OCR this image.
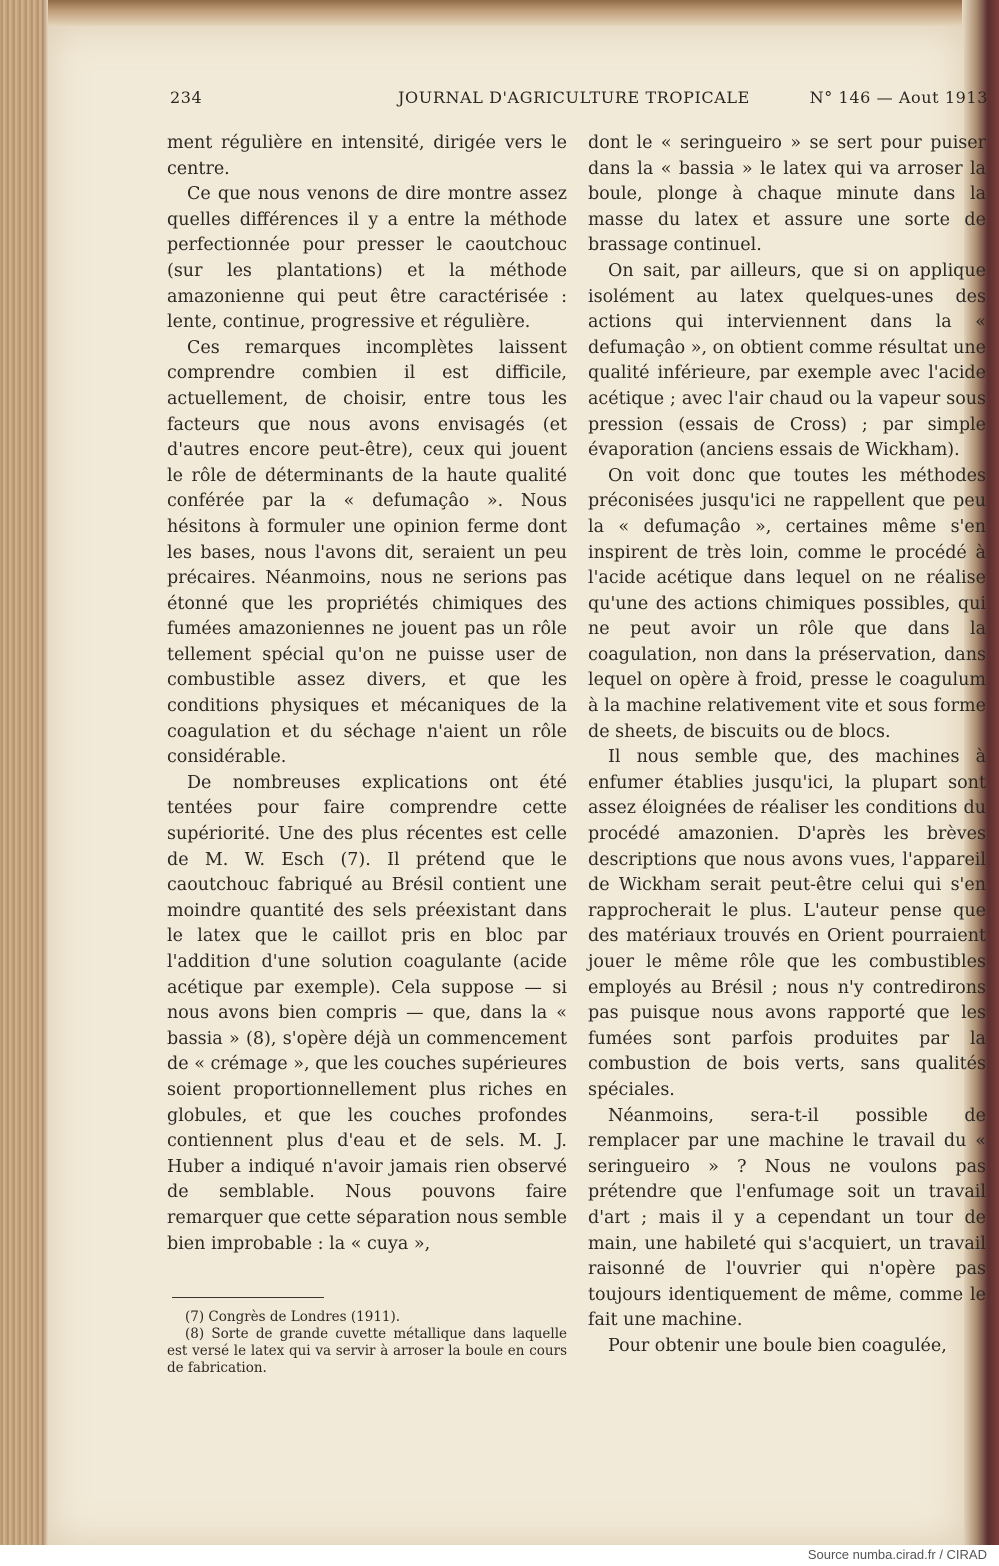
234	JOURNAL D'AGRICULTURE TROPICALE	N° 146 — Aout 1913

ment régulière en intensité, dirigée vers le centre.

Ce que nous venons de dire montre assez quelles différences il y a entre la méthode perfectionnée pour presser le caoutchouc (sur les plantations) et la méthode amazonienne qui peut être caractérisée : lente, continue, progressive et régulière.

Ces remarques incomplètes laissent comprendre combien il est difficile, actuellement, de choisir, entre tous les facteurs que nous avons envisagés (et d'autres encore peut-être), ceux qui jouent le rôle de déterminants de la haute qualité conférée par la « defumaçâo ». Nous hésitons à formuler une opinion ferme dont les bases, nous l'avons dit, seraient un peu précaires. Néanmoins, nous ne serions pas étonné que les propriétés chimiques des fumées amazoniennes ne jouent pas un rôle tellement spécial qu'on ne puisse user de combustible assez divers, et que les conditions physiques et mécaniques de la coagulation et du séchage n'aient un rôle considérable.

De nombreuses explications ont été tentées pour faire comprendre cette supériorité. Une des plus récentes est celle de M. W. Esch (7). Il prétend que le caoutchouc fabriqué au Brésil contient une moindre quantité des sels préexistant dans le latex que le caillot pris en bloc par l'addition d'une solution coagulante (acide acétique par exemple). Cela suppose — si nous avons bien compris — que, dans la « bassia » (8), s'opère déjà un commencement de « crémage », que les couches supérieures soient proportionnellement plus riches en globules, et que les couches profondes contiennent plus d'eau et de sels. M. J. Huber a indiqué n'avoir jamais rien observé de semblable. Nous pouvons faire remarquer que cette séparation nous semble bien improbable : la « cuya »,

dont le « seringueiro » se sert pour puiser dans la « bassia » le latex qui va arroser la boule, plonge à chaque minute dans la masse du latex et assure une sorte de brassage continuel.

On sait, par ailleurs, que si on applique isolément au latex quelques-unes des actions qui interviennent dans la « defumaçâo », on obtient comme résultat une qualité inférieure, par exemple avec l'acide acétique ; avec l'air chaud ou la vapeur sous pression (essais de Cross) ; par simple évaporation (anciens essais de Wickham).

On voit donc que toutes les méthodes préconisées jusqu'ici ne rappellent que peu la « defumaçâo », certaines même s'en inspirent de très loin, comme le procédé à l'acide acétique dans lequel on ne réalise qu'une des actions chimiques possibles, qui ne peut avoir un rôle que dans la coagulation, non dans la préservation, dans lequel on opère à froid, presse le coagulum à la machine relativement vite et sous forme de sheets, de biscuits ou de blocs.

Il nous semble que, des machines à enfumer établies jusqu'ici, la plupart sont assez éloignées de réaliser les conditions du procédé amazonien. D'après les brèves descriptions que nous avons vues, l'appareil de Wickham serait peut-être celui qui s'en rapprocherait le plus. L'auteur pense que des matériaux trouvés en Orient pourraient jouer le même rôle que les combustibles employés au Brésil ; nous n'y contredirons pas puisque nous avons rapporté que les fumées sont parfois produites par la combustion de bois verts, sans qualités spéciales.

Néanmoins, sera-t-il possible de remplacer par une machine le travail du « seringueiro » ? Nous ne voulons pas prétendre que l'enfumage soit un travail d'art ; mais il y a cependant un tour de main, une habileté qui s'acquiert, un travail raisonné de l'ouvrier qui n'opère pas toujours identiquement de même, comme le fait une machine.

Pour obtenir une boule bien coagulée,

(7) Congrès de Londres (1911).

(8) Sorte de grande cuvette métallique dans laquelle est versé le latex qui va servir à arroser la boule en cours de fabrication.

Source numba.cirad.fr / CIRAD
